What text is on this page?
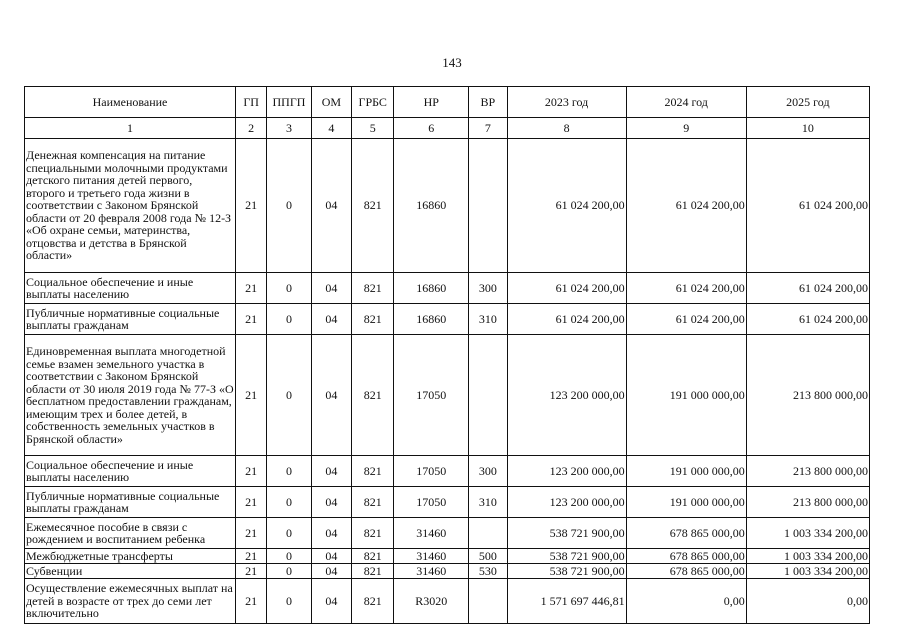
143
Наименование	ГП	ППГП	ОМ	ГРБС	НР	ВР	2023 год	2024 год	2025 год
1	2	3	4	5	6	7	8	9	10
Денежная компенсация на питание специальными молочными продуктами детского питания детей первого, второго и третьего года жизни в соответствии с Законом Брянской области от 20 февраля 2008 года № 12-З «Об охране семьи, материнства, отцовства и детства в Брянской области»	21	0	04	821	16860		61 024 200,00	61 024 200,00	61 024 200,00
Социальное обеспечение и иные выплаты населению	21	0	04	821	16860	300	61 024 200,00	61 024 200,00	61 024 200,00
Публичные нормативные социальные выплаты гражданам	21	0	04	821	16860	310	61 024 200,00	61 024 200,00	61 024 200,00
Единовременная выплата многодетной семье взамен земельного участка в соответствии с Законом Брянской области от 30 июля 2019 года № 77-З «О бесплатном предоставлении гражданам, имеющим трех и более детей, в собственность земельных участков в Брянской области»	21	0	04	821	17050		123 200 000,00	191 000 000,00	213 800 000,00
Социальное обеспечение и иные выплаты населению	21	0	04	821	17050	300	123 200 000,00	191 000 000,00	213 800 000,00
Публичные нормативные социальные выплаты гражданам	21	0	04	821	17050	310	123 200 000,00	191 000 000,00	213 800 000,00
Ежемесячное пособие в связи с рождением и воспитанием ребенка	21	0	04	821	31460		538 721 900,00	678 865 000,00	1 003 334 200,00
Межбюджетные трансферты	21	0	04	821	31460	500	538 721 900,00	678 865 000,00	1 003 334 200,00
Субвенции	21	0	04	821	31460	530	538 721 900,00	678 865 000,00	1 003 334 200,00
Осуществление ежемесячных выплат на детей в возрасте от трех до семи лет включительно	21	0	04	821	R3020		1 571 697 446,81	0,00	0,00
